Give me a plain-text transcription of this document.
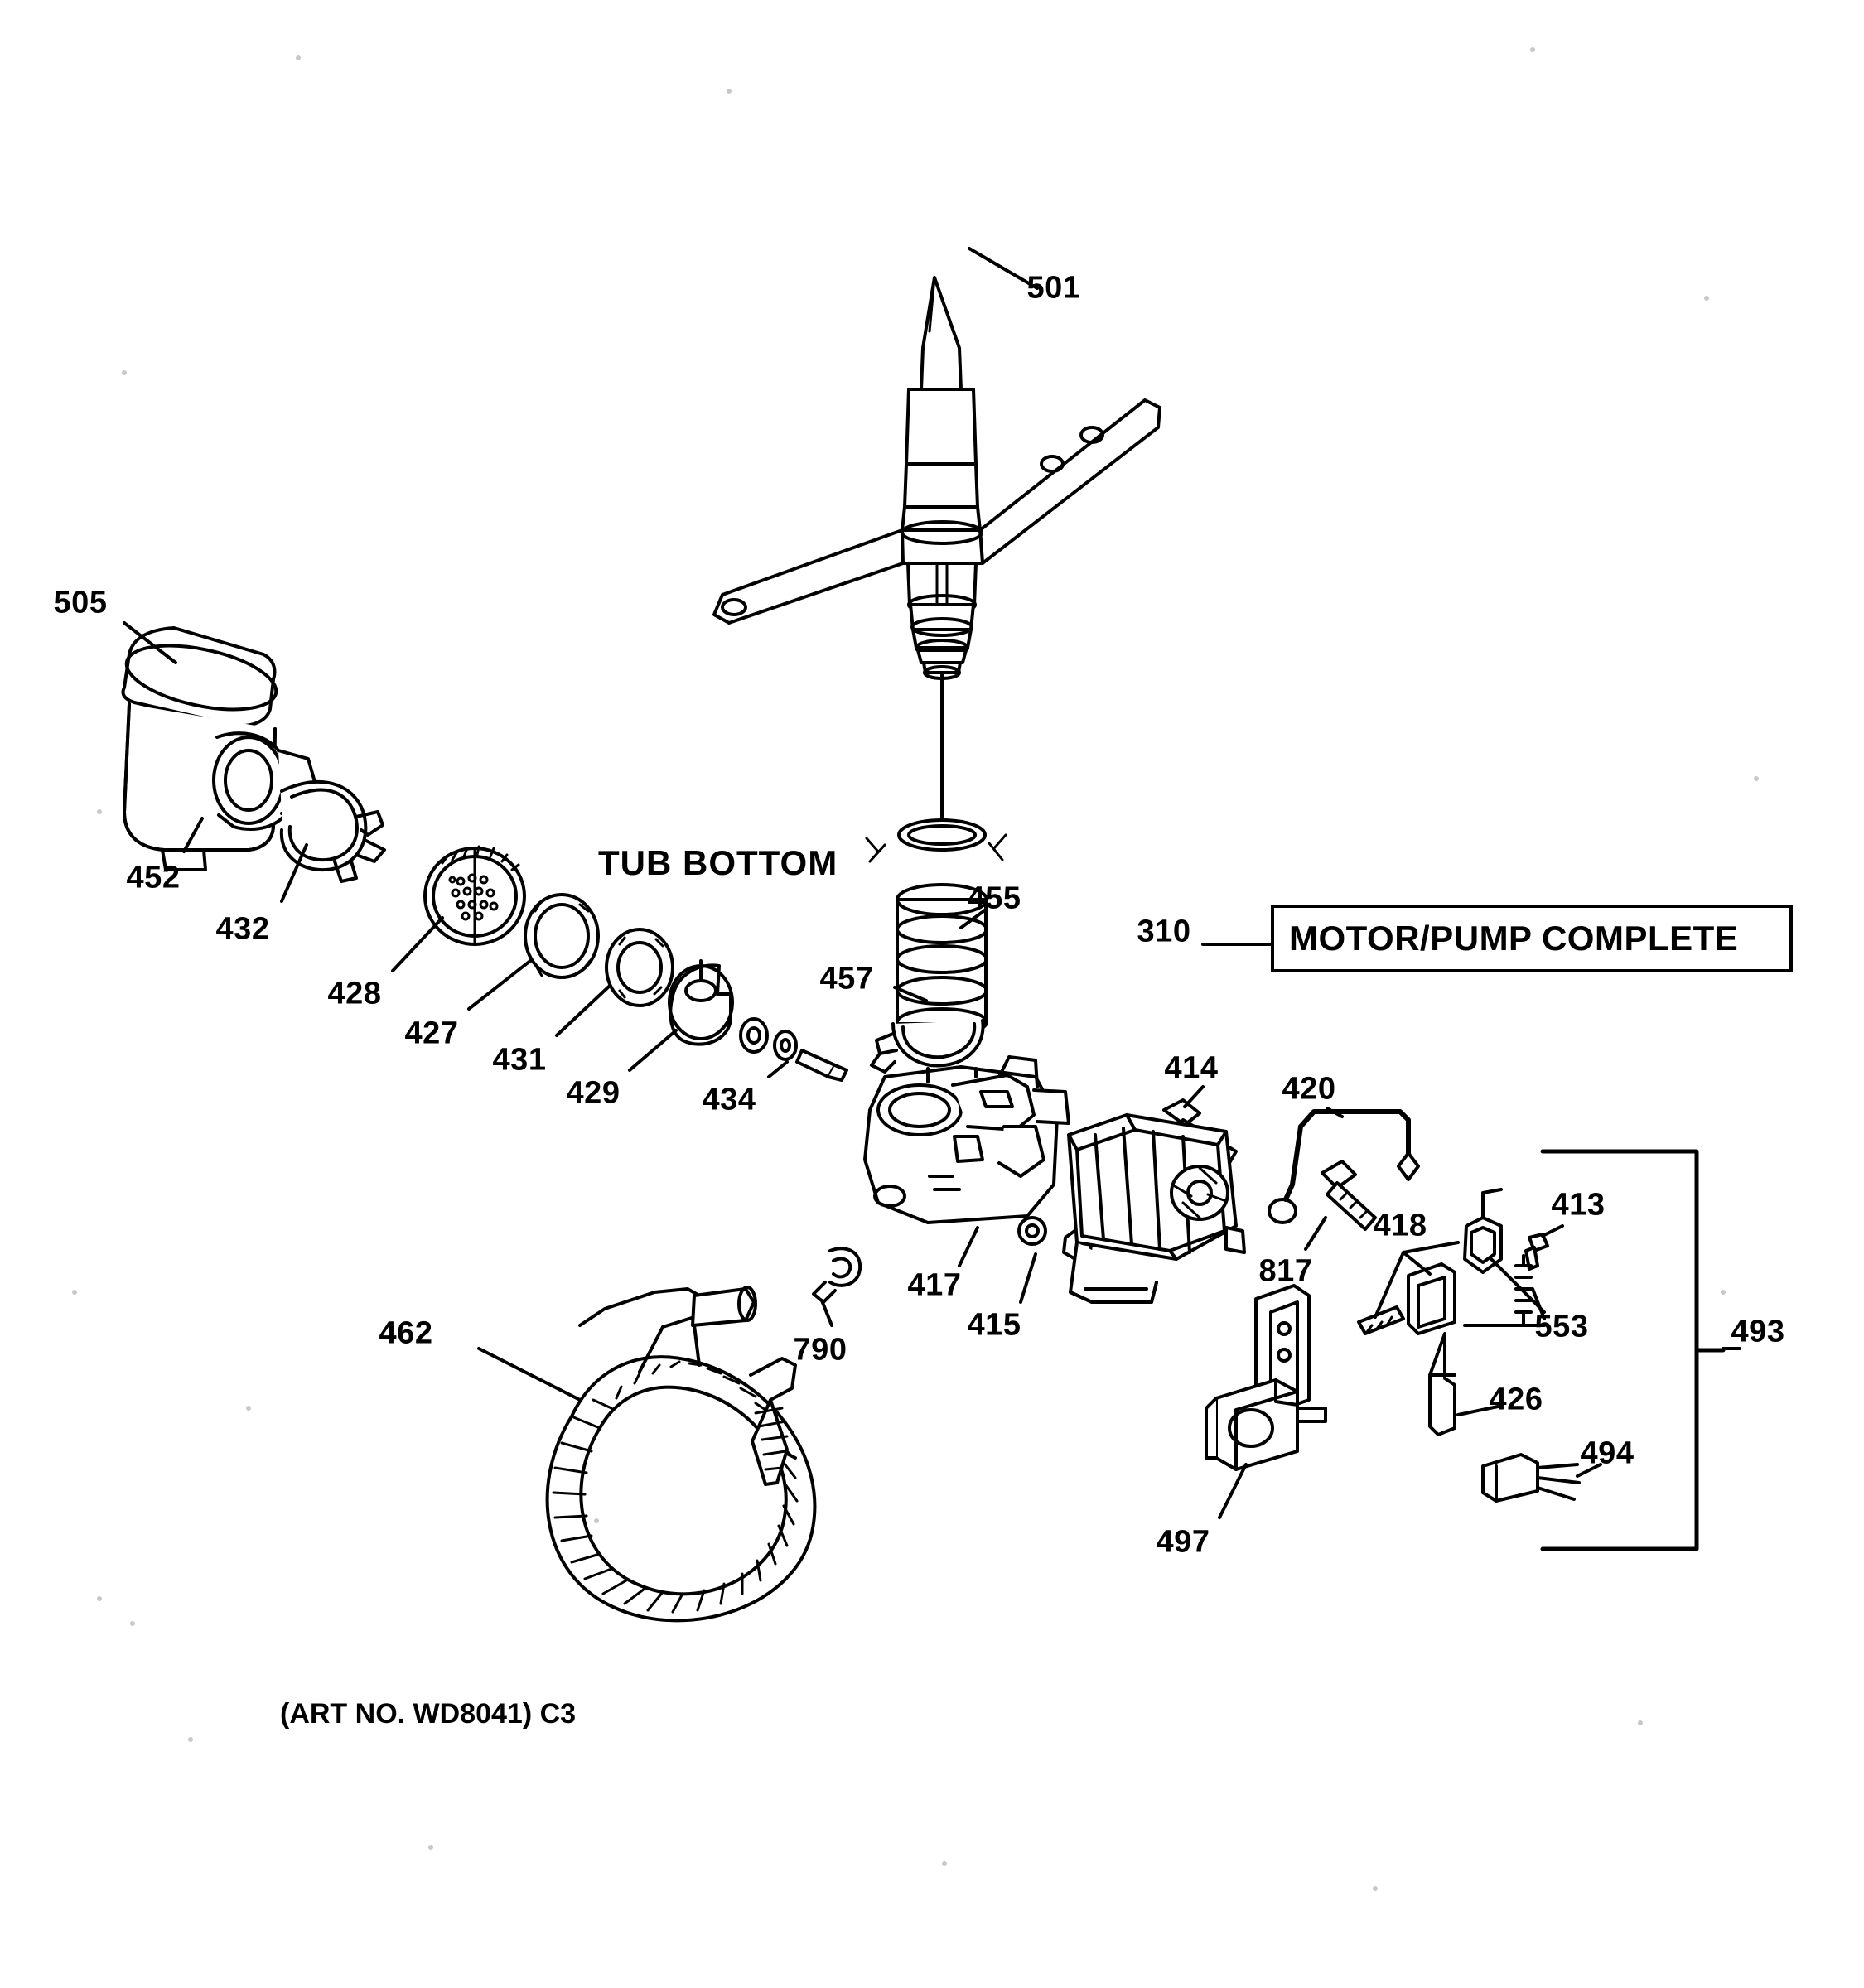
TUB BOTTOM
MOTOR/PUMP COMPLETE
(ART NO. WD8041) C3
501
505
452
432
428
427
431
429	434
457
455
310
414
420
413
418
417
415
817
553	493
790
462
426
494
497
